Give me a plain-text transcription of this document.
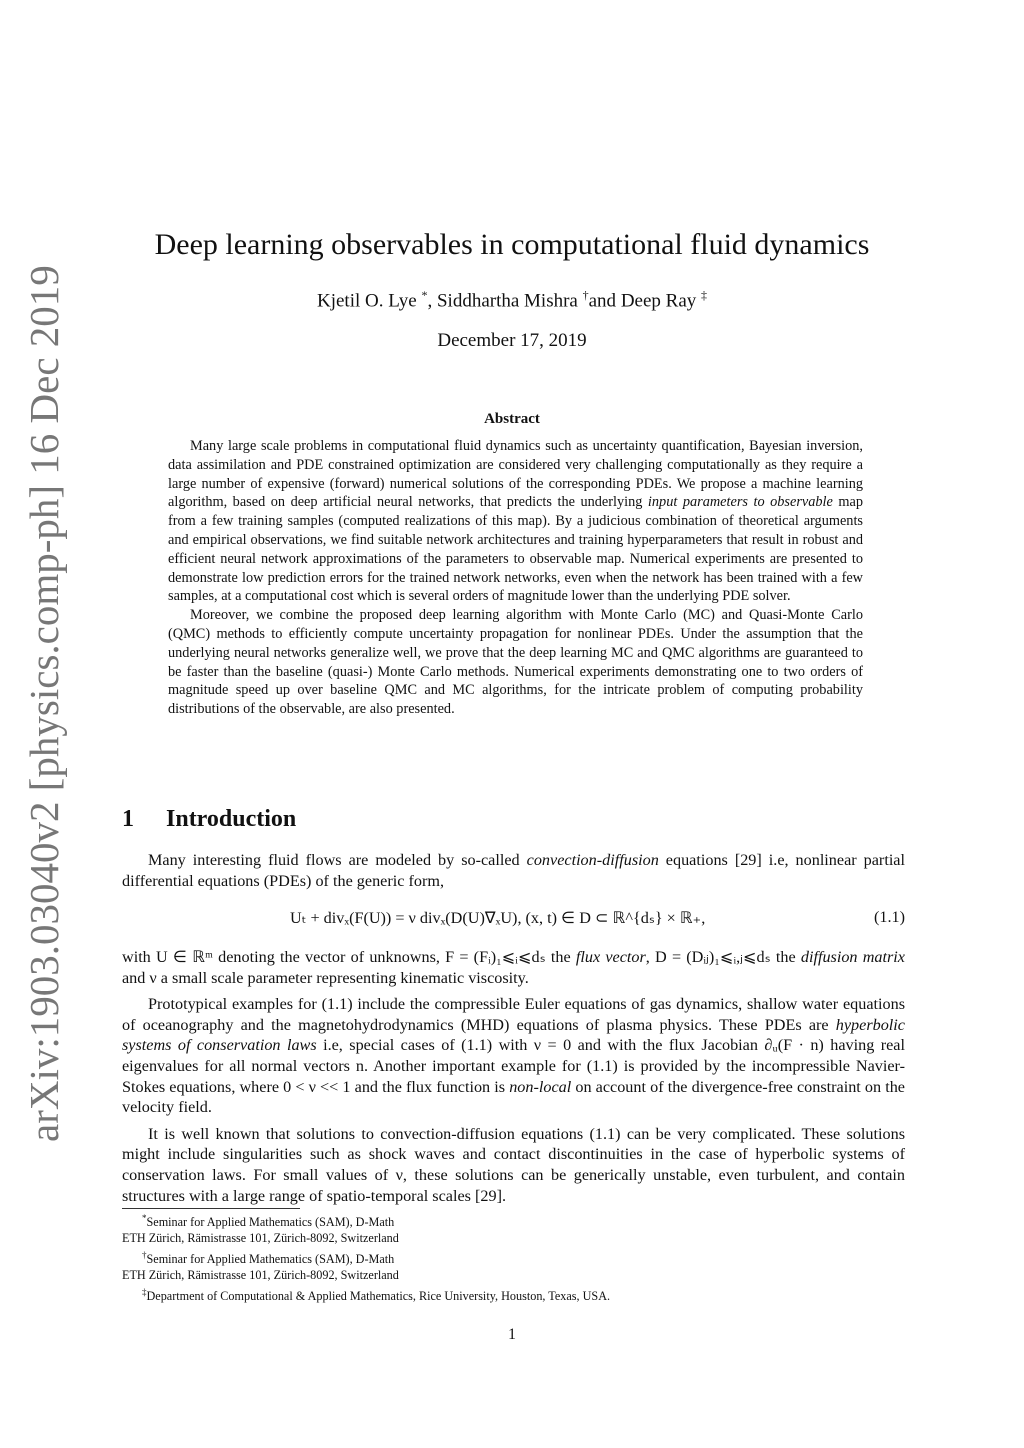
arXiv:1903.03040v2 [physics.comp-ph] 16 Dec 2019
Deep learning observables in computational fluid dynamics
Kjetil O. Lye *, Siddhartha Mishra †and Deep Ray ‡
December 17, 2019
Abstract

Many large scale problems in computational fluid dynamics such as uncertainty quantification, Bayesian inversion, data assimilation and PDE constrained optimization are considered very challenging computationally as they require a large number of expensive (forward) numerical solutions of the corresponding PDEs. We propose a machine learning algorithm, based on deep artificial neural networks, that predicts the underlying input parameters to observable map from a few training samples (computed realizations of this map). By a judicious combination of theoretical arguments and empirical observations, we find suitable network architectures and training hyperparameters that result in robust and efficient neural network approximations of the parameters to observable map. Numerical experiments are presented to demonstrate low prediction errors for the trained network networks, even when the network has been trained with a few samples, at a computational cost which is several orders of magnitude lower than the underlying PDE solver.

Moreover, we combine the proposed deep learning algorithm with Monte Carlo (MC) and Quasi-Monte Carlo (QMC) methods to efficiently compute uncertainty propagation for nonlinear PDEs. Under the assumption that the underlying neural networks generalize well, we prove that the deep learning MC and QMC algorithms are guaranteed to be faster than the baseline (quasi-) Monte Carlo methods. Numerical experiments demonstrating one to two orders of magnitude speed up over baseline QMC and MC algorithms, for the intricate problem of computing probability distributions of the observable, are also presented.

1 Introduction

Many interesting fluid flows are modeled by so-called convection-diffusion equations [29] i.e, nonlinear partial differential equations (PDEs) of the generic form,

Uₜ + divₓ(F(U)) = ν divₓ(D(U)∇ₓU), (x, t) ∈ D ⊂ ℝ^{dₛ} × ℝ₊,	(1.1)

with U ∈ ℝᵐ denoting the vector of unknowns, F = (Fᵢ)₁⩽ᵢ⩽dₛ the flux vector, D = (Dᵢⱼ)₁⩽ᵢ,ⱼ⩽dₛ the diffusion matrix and ν a small scale parameter representing kinematic viscosity.

Prototypical examples for (1.1) include the compressible Euler equations of gas dynamics, shallow water equations of oceanography and the magnetohydrodynamics (MHD) equations of plasma physics. These PDEs are hyperbolic systems of conservation laws i.e, special cases of (1.1) with ν = 0 and with the flux Jacobian ∂ᵤ(F · n) having real eigenvalues for all normal vectors n. Another important example for (1.1) is provided by the incompressible Navier-Stokes equations, where 0 < ν << 1 and the flux function is non-local on account of the divergence-free constraint on the velocity field.

It is well known that solutions to convection-diffusion equations (1.1) can be very complicated. These solutions might include singularities such as shock waves and contact discontinuities in the case of hyperbolic systems of conservation laws. For small values of ν, these solutions can be generically unstable, even turbulent, and contain structures with a large range of spatio-temporal scales [29].

*Seminar for Applied Mathematics (SAM), D-Math

ETH Zürich, Rämistrasse 101, Zürich-8092, Switzerland

†Seminar for Applied Mathematics (SAM), D-Math

ETH Zürich, Rämistrasse 101, Zürich-8092, Switzerland

‡Department of Computational & Applied Mathematics, Rice University, Houston, Texas, USA.

1
